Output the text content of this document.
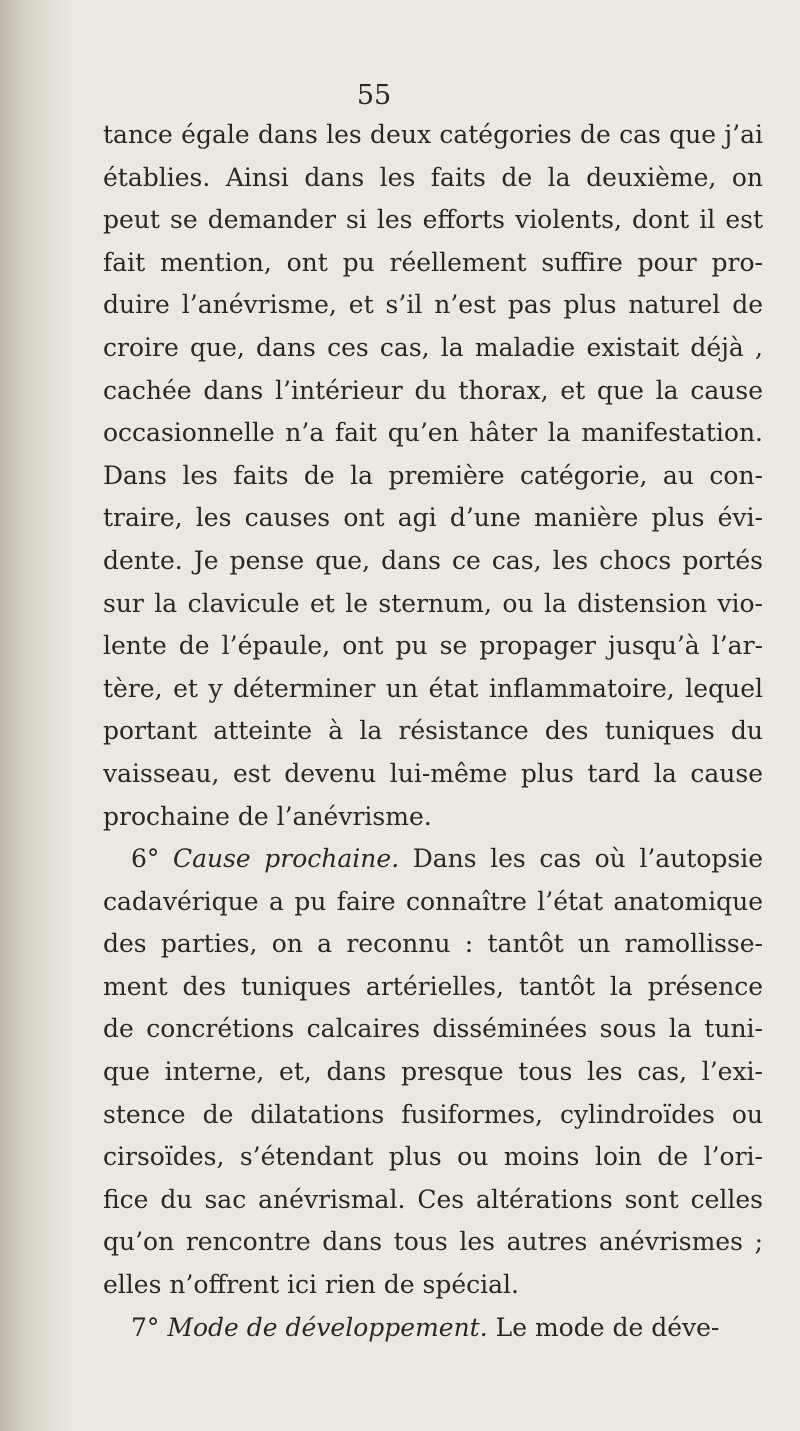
55
tance égale dans les deux catégories de cas que j’ai
établies. Ainsi dans les faits de la deuxième, on
peut se demander si les efforts violents, dont il est
fait mention, ont pu réellement suffire pour pro-
duire l’anévrisme, et s’il n’est pas plus naturel de
croire que, dans ces cas, la maladie existait déjà ,
cachée dans l’intérieur du thorax, et que la cause
occasionnelle n’a fait qu’en hâter la manifestation.
Dans les faits de la première catégorie, au con-
traire, les causes ont agi d’une manière plus évi-
dente. Je pense que, dans ce cas, les chocs portés
sur la clavicule et le sternum, ou la distension vio-
lente de l’épaule, ont pu se propager jusqu’à l’ar-
tère, et y déterminer un état inflammatoire, lequel
portant atteinte à la résistance des tuniques du
vaisseau, est devenu lui-même plus tard la cause
prochaine de l’anévrisme.
6° Cause prochaine. Dans les cas où l’autopsie
cadavérique a pu faire connaître l’état anatomique
des parties, on a reconnu : tantôt un ramollisse-
ment des tuniques artérielles, tantôt la présence
de concrétions calcaires disséminées sous la tuni-
que interne, et, dans presque tous les cas, l’exi-
stence de dilatations fusiformes, cylindroïdes ou
cirsoïdes, s’étendant plus ou moins loin de l’ori-
fice du sac anévrismal. Ces altérations sont celles
qu’on rencontre dans tous les autres anévrismes ;
elles n’offrent ici rien de spécial.
7° Mode de développement. Le mode de déve-
